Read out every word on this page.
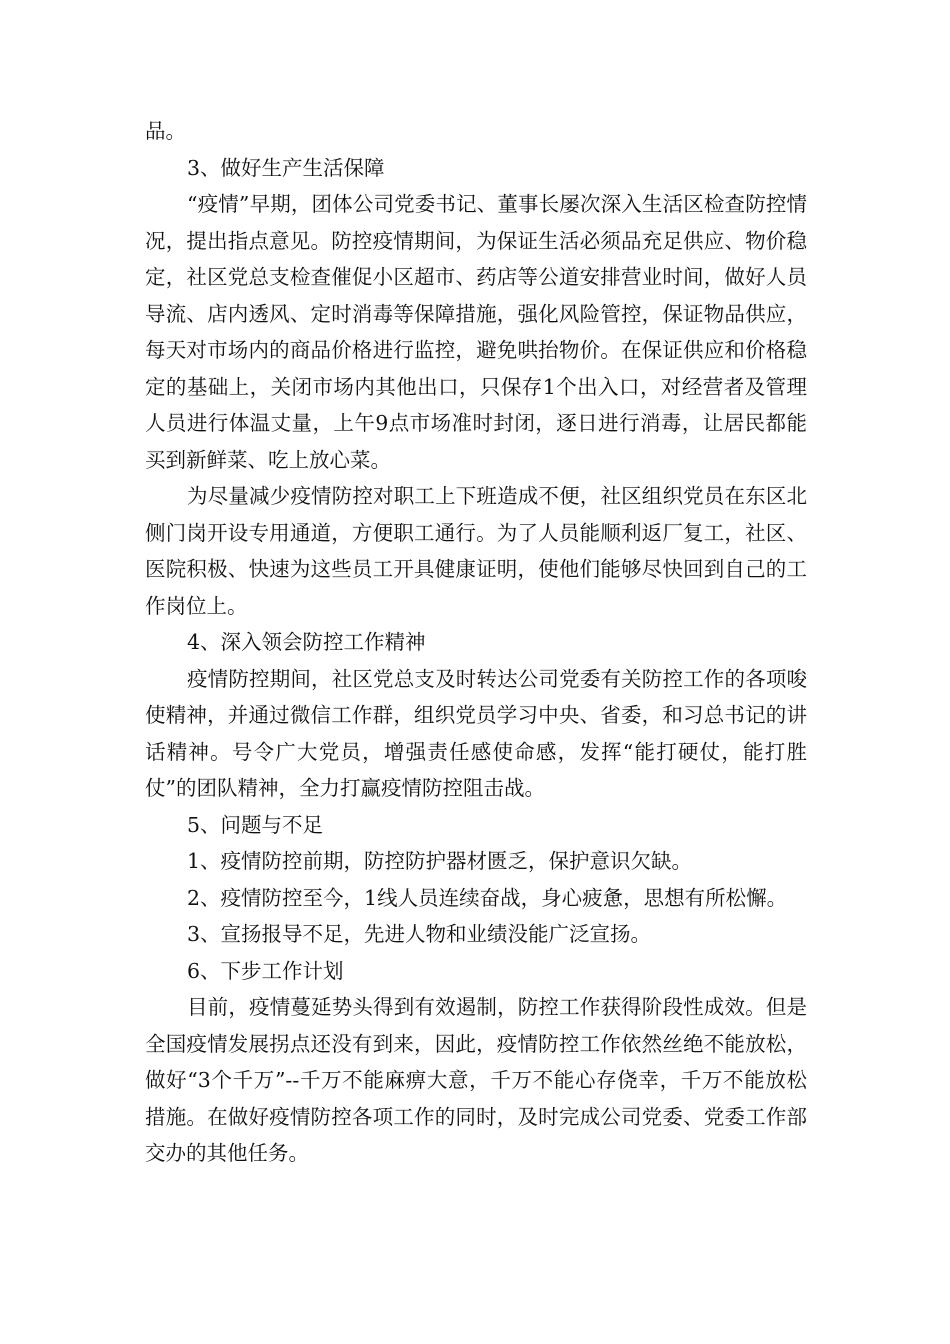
品。

3、做好生产生活保障

“疫情”早期，团体公司党委书记、董事长屡次深入生活区检查防控情况，提出指点意见。防控疫情期间，为保证生活必须品充足供应、物价稳定，社区党总支检查催促小区超市、药店等公道安排营业时间，做好人员导流、店内透风、定时消毒等保障措施，强化风险管控，保证物品供应，每天对市场内的商品价格进行监控，避免哄抬物价。在保证供应和价格稳定的基础上，关闭市场内其他出口，只保存1个出入口，对经营者及管理人员进行体温丈量，上午9点市场准时封闭，逐日进行消毒，让居民都能买到新鲜菜、吃上放心菜。

为尽量减少疫情防控对职工上下班造成不便，社区组织党员在东区北侧门岗开设专用通道，方便职工通行。为了人员能顺利返厂复工，社区、医院积极、快速为这些员工开具健康证明，使他们能够尽快回到自己的工作岗位上。

4、深入领会防控工作精神

疫情防控期间，社区党总支及时转达公司党委有关防控工作的各项唆使精神，并通过微信工作群，组织党员学习中央、省委，和习总书记的讲话精神。号令广大党员，增强责任感使命感，发挥“能打硬仗，能打胜仗”的团队精神，全力打赢疫情防控阻击战。

5、问题与不足

1、疫情防控前期，防控防护器材匮乏，保护意识欠缺。

2、疫情防控至今，1线人员连续奋战，身心疲惫，思想有所松懈。

3、宣扬报导不足，先进人物和业绩没能广泛宣扬。

6、下步工作计划

目前，疫情蔓延势头得到有效遏制，防控工作获得阶段性成效。但是全国疫情发展拐点还没有到来，因此，疫情防控工作依然丝绝不能放松，做好“3个千万”--千万不能麻痹大意，千万不能心存侥幸，千万不能放松措施。在做好疫情防控各项工作的同时，及时完成公司党委、党委工作部交办的其他任务。
